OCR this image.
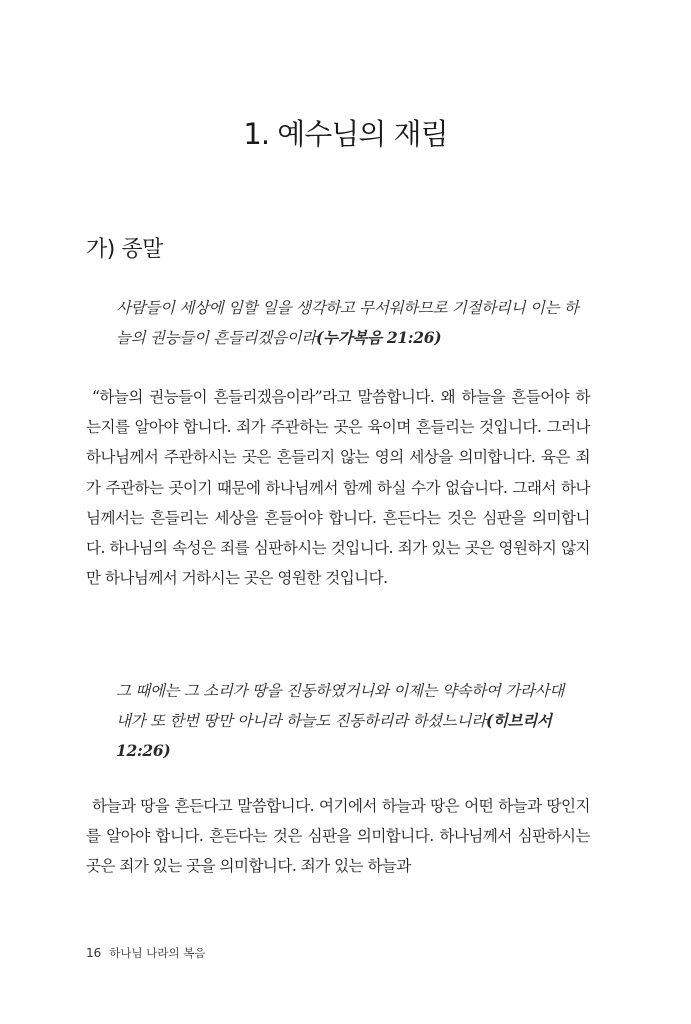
1. 예수님의 재림
가) 종말
사람들이 세상에 임할 일을 생각하고 무서워하므로 기절하리니 이는 하늘의 권능들이 흔들리겠음이라(누가복음 21:26)

“하늘의 권능들이 흔들리겠음이라”라고 말씀합니다. 왜 하늘을 흔들어야 하는지를 알아야 합니다. 죄가 주관하는 곳은 육이며 흔들리는 것입니다. 그러나 하나님께서 주관하시는 곳은 흔들리지 않는 영의 세상을 의미합니다. 육은 죄가 주관하는 곳이기 때문에 하나님께서 함께 하실 수가 없습니다. 그래서 하나님께서는 흔들리는 세상을 흔들어야 합니다. 흔든다는 것은 심판을 의미합니다. 하나님의 속성은 죄를 심판하시는 것입니다. 죄가 있는 곳은 영원하지 않지만 하나님께서 거하시는 곳은 영원한 것입니다.

그 때에는 그 소리가 땅을 진동하였거니와 이제는 약속하여 가라사대 내가 또 한번 땅만 아니라 하늘도 진동하리라 하셨느니라(히브리서 12:26)

하늘과 땅을 흔든다고 말씀합니다. 여기에서 하늘과 땅은 어떤 하늘과 땅인지를 알아야 합니다. 흔든다는 것은 심판을 의미합니다. 하나님께서 심판하시는 곳은 죄가 있는 곳을 의미합니다. 죄가 있는 하늘과

16 하나님 나라의 복음
